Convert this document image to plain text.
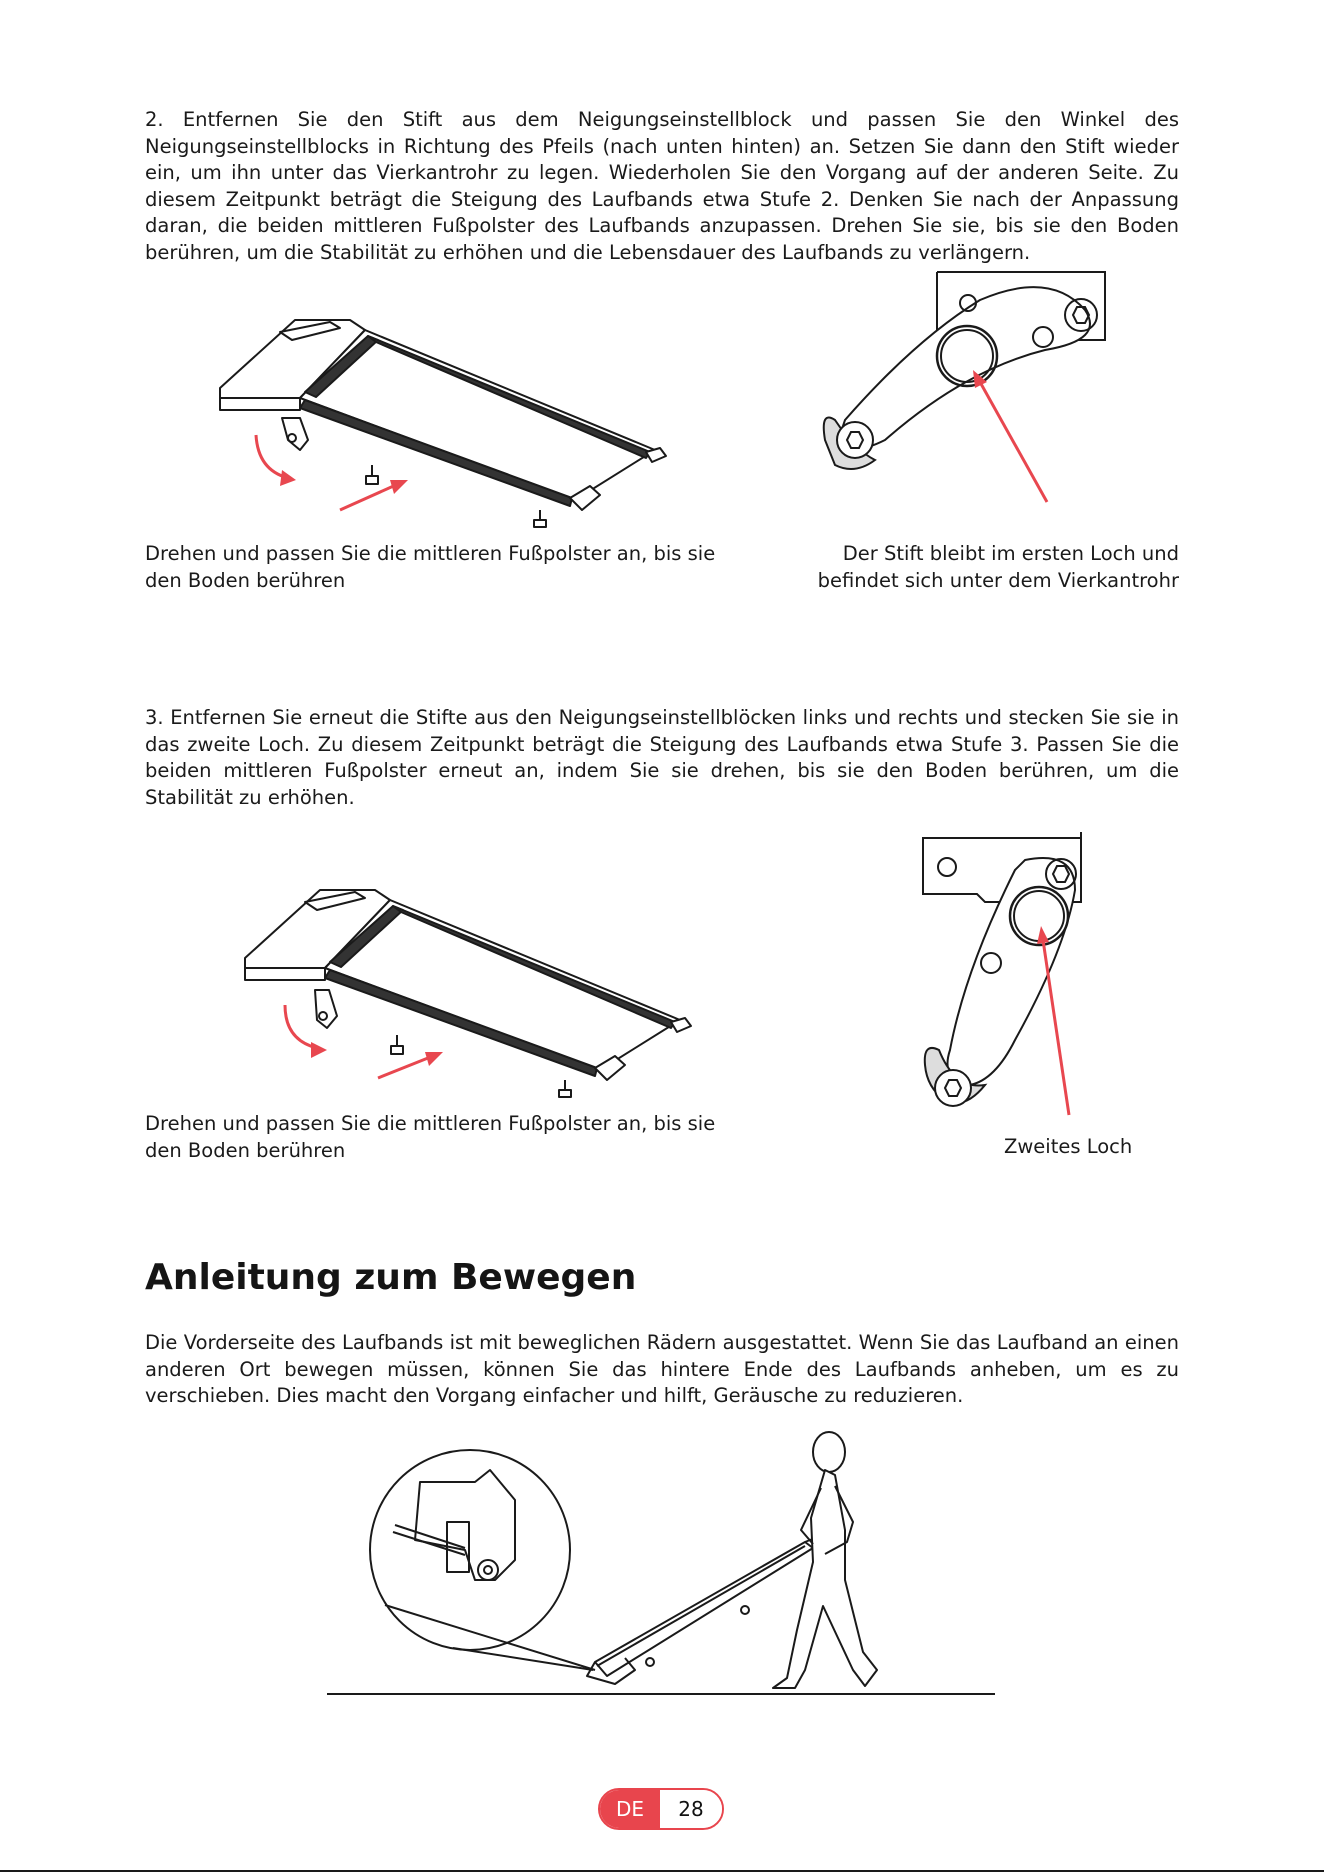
2. Entfernen Sie den Stift aus dem Neigungseinstellblock und passen Sie den Winkel des Neigungseinstellblocks in Richtung des Pfeils (nach unten hinten) an. Setzen Sie dann den Stift wieder ein, um ihn unter das Vierkantrohr zu legen. Wiederholen Sie den Vorgang auf der anderen Seite. Zu diesem Zeitpunkt beträgt die Steigung des Laufbands etwa Stufe 2. Denken Sie nach der Anpassung daran, die beiden mittleren Fußpolster des Laufbands anzupassen. Drehen Sie sie, bis sie den Boden berühren, um die Stabilität zu erhöhen und die Lebensdauer des Laufbands zu verlängern.

Drehen und passen Sie die mittleren Fußpolster an, bis sie
den Boden berühren

Der Stift bleibt im ersten Loch und
befindet sich unter dem Vierkantrohr

3. Entfernen Sie erneut die Stifte aus den Neigungseinstellblöcken links und rechts und stecken Sie sie in das zweite Loch. Zu diesem Zeitpunkt beträgt die Steigung des Laufbands etwa Stufe 3. Passen Sie die beiden mittleren Fußpolster erneut an, indem Sie sie drehen, bis sie den Boden berühren, um die Stabilität zu erhöhen.

Drehen und passen Sie die mittleren Fußpolster an, bis sie
den Boden berühren	Zweites Loch

Anleitung zum Bewegen

Die Vorderseite des Laufbands ist mit beweglichen Rädern ausgestattet. Wenn Sie das Laufband an einen anderen Ort bewegen müssen, können Sie das hintere Ende des Laufbands anheben, um es zu verschieben. Dies macht den Vorgang einfacher und hilft, Geräusche zu reduzieren.

DE	28
